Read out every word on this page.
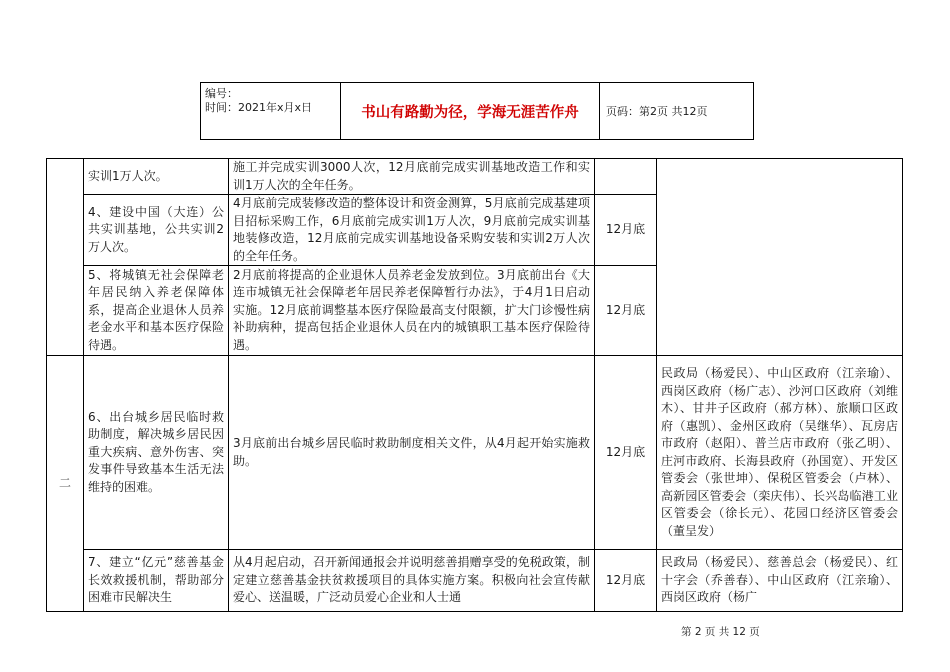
编号：
时间：2021年x月x日	书山有路勤为径，学海无涯苦作舟	页码：第2页 共12页
	实训1万人次。	施工并完成实训3000人次，12月底前完成实训基地改造工作和实训1万人次的全年任务。		
	4、建设中国（大连）公共实训基地，公共实训2万人次。	4月底前完成装修改造的整体设计和资金测算，5月底前完成基建项目招标采购工作，6月底前完成实训1万人次，9月底前完成实训基地装修改造，12月底前完成实训基地设备采购安装和实训2万人次的全年任务。	12月底	
	5、将城镇无社会保障老年居民纳入养老保障体系，提高企业退休人员养老金水平和基本医疗保险待遇。	2月底前将提高的企业退休人员养老金发放到位。3月底前出台《大连市城镇无社会保障老年居民养老保障暂行办法》，于4月1日启动实施。12月底前调整基本医疗保险最高支付限额，扩大门诊慢性病补助病种，提高包括企业退休人员在内的城镇职工基本医疗保险待遇。	12月底	
二	6、出台城乡居民临时救助制度，解决城乡居民因重大疾病、意外伤害、突发事件导致基本生活无法维持的困难。	3月底前出台城乡居民临时救助制度相关文件，从4月起开始实施救助。	12月底	民政局（杨爱民）、中山区政府（江亲瑜）、西岗区政府（杨广志）、沙河口区政府（刘维木）、甘井子区政府（郝方林）、旅顺口区政府（惠凯）、金州区政府（吴继华）、瓦房店市政府（赵阳）、普兰店市政府（张乙明）、庄河市政府、长海县政府（孙国宽）、开发区管委会（张世坤）、保税区管委会（卢林）、高新园区管委会（栾庆伟）、长兴岛临港工业区管委会（徐长元）、花园口经济区管委会（董呈发）
	7、建立“亿元”慈善基金长效救援机制，帮助部分困难市民解决生	从4月起启动，召开新闻通报会并说明慈善捐赠享受的免税政策，制定建立慈善基金扶贫救援项目的具体实施方案。积极向社会宣传献爱心、送温暖，广泛动员爱心企业和人士通	12月底	民政局（杨爱民）、慈善总会（杨爱民）、红十字会（乔善春）、中山区政府（江亲瑜）、西岗区政府（杨广
第 2 页 共 12 页
